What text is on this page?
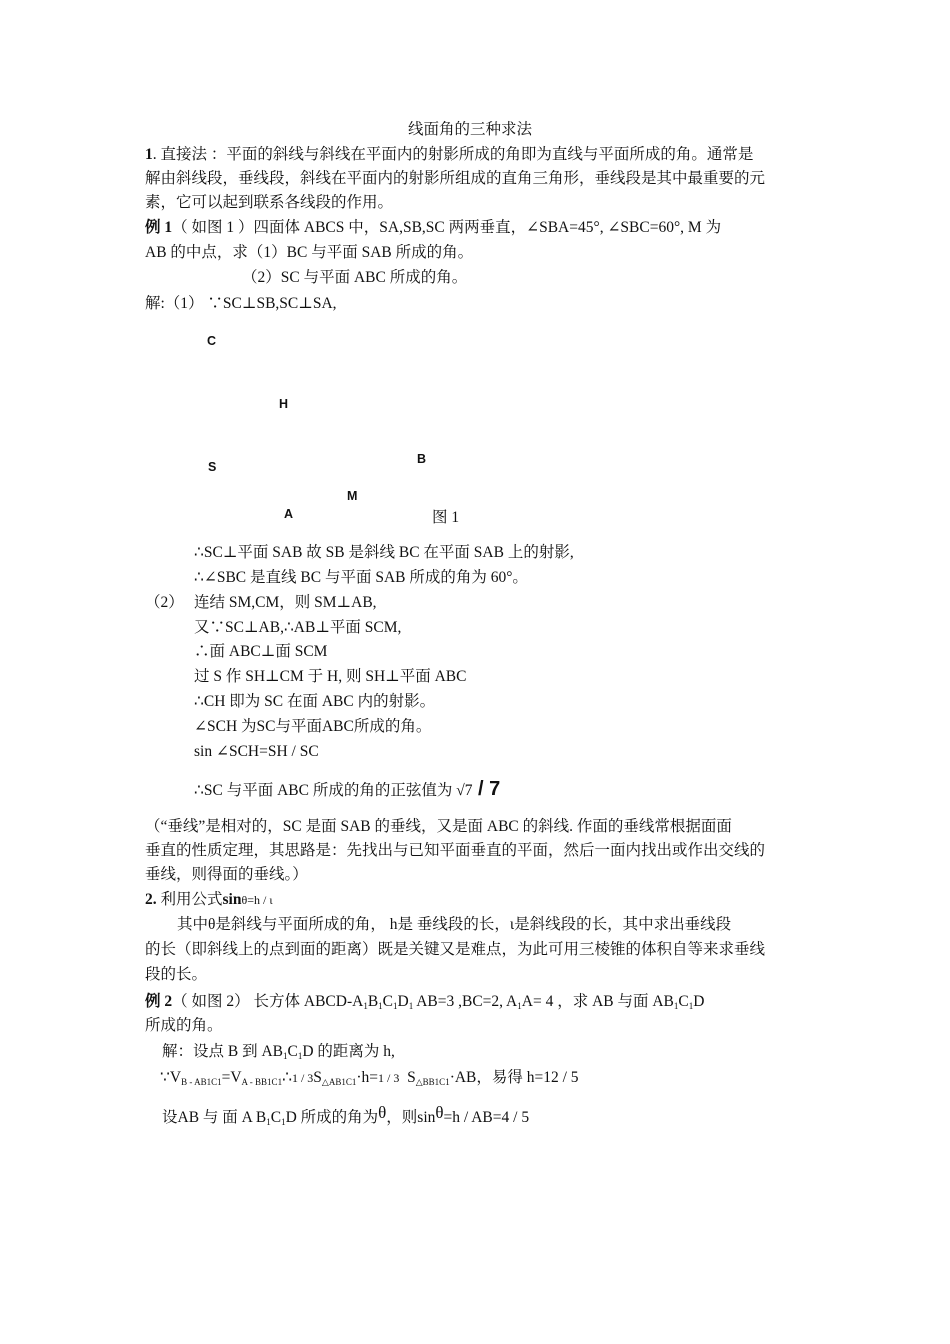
线面角的三种求法
1. 直接法 ：平面的斜线与斜线在平面内的射影所成的角即为直线与平面所成的角。通常是
解由斜线段，垂线段，斜线在平面内的射影所组成的直角三角形，垂线段是其中最重要的元
素，它可以起到联系各线段的作用。
例 1（ 如图 1 ）四面体 ABCS 中，SA,SB,SC 两两垂直，∠SBA=45°, ∠SBC=60°, M 为
AB 的中点，求（1）BC 与平面 SAB 所成的角。
（2）SC 与平面 ABC 所成的角。
解:（1） ∵SC⊥SB,SC⊥SA,
C
H
S
B
M
A	图 1
∴SC⊥平面 SAB 故 SB 是斜线 BC 在平面 SAB 上的射影,
∴∠SBC 是直线 BC 与平面 SAB 所成的角为 60°。
（2） 连结 SM,CM，则 SM⊥AB,
又∵SC⊥AB,∴AB⊥平面 SCM,
∴面 ABC⊥面 SCM
过 S 作 SH⊥CM 于 H, 则 SH⊥平面 ABC
∴CH 即为 SC 在面 ABC 内的射影。
∠SCH 为SC与平面ABC所成的角。
sin ∠SCH=SH / SC
∴SC 与平面 ABC 所成的角的正弦值为 √7 / 7
（“垂线”是相对的，SC 是面 SAB 的垂线，又是面 ABC 的斜线. 作面的垂线常根据面面
垂直的性质定理，其思路是：先找出与已知平面垂直的平面，然后一面内找出或作出交线的
垂线，则得面的垂线。）
2. 利用公式sinθ=h / ι
其中θ是斜线与平面所成的角， h是 垂线段的长，ι是斜线段的长，其中求出垂线段
的长（即斜线上的点到面的距离）既是关键又是难点，为此可用三棱锥的体积自等来求垂线
段的长。
例 2（ 如图 2） 长方体 ABCD-$A_1B_1C_1D_1$ AB=3 ,BC=2, $A_1A= 4$ ，求 AB 与面 $AB_1C_1D$
所成的角。
解：设点 B 到 $AB_1C_1D$ 的距离为 h,
$\because V_{B - AB1C1}=V_{A - BB1C1}\therefore 1 / 3S_{\triangle AB1C1}\cdot h=1 / 3$ $S_{\triangle BB1C1}\cdot AB$，易得 h=12 / 5
设AB 与 面 A $B_1C_1D$ 所成的角为θ，则sinθ=h / AB=4 / 5
